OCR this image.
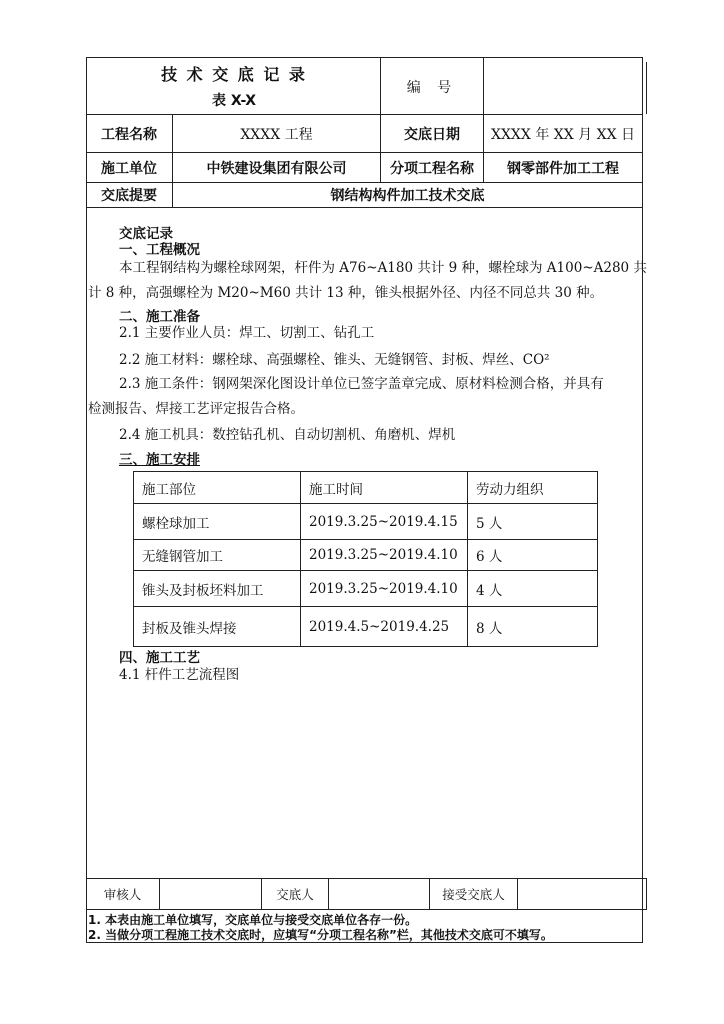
技 术 交 底 记 录
表 X-X
编 号
工程名称	XXXX 工程	交底日期	XXXX 年 XX 月 XX 日
施工单位	中铁建设集团有限公司	分项工程名称	钢零部件加工工程
交底提要	钢结构构件加工技术交底
交底记录
一、工程概况
本工程钢结构为螺栓球网架，杆件为 A76~A180 共计 9 种，螺栓球为 A100~A280 共
计 8 种，高强螺栓为 M20~M60 共计 13 种，锥头根据外径、内径不同总共 30 种。
二、施工准备
2.1 主要作业人员：焊工、切割工、钻孔工
2.2 施工材料：螺栓球、高强螺栓、锥头、无缝钢管、封板、焊丝、CO²
2.3 施工条件：钢网架深化图设计单位已签字盖章完成、原材料检测合格，并具有
检测报告、焊接工艺评定报告合格。
2.4 施工机具：数控钻孔机、自动切割机、角磨机、焊机
三、施工安排
施工部位	施工时间	劳动力组织
螺栓球加工	2019.3.25~2019.4.15	5 人
无缝钢管加工	2019.3.25~2019.4.10	6 人
锥头及封板坯料加工	2019.3.25~2019.4.10	4 人
封板及锥头焊接	2019.4.5~2019.4.25	8 人
四、施工工艺
4.1 杆件工艺流程图
审核人	交底人	接受交底人
1. 本表由施工单位填写，交底单位与接受交底单位各存一份。
2. 当做分项工程施工技术交底时，应填写“分项工程名称”栏，其他技术交底可不填写。
